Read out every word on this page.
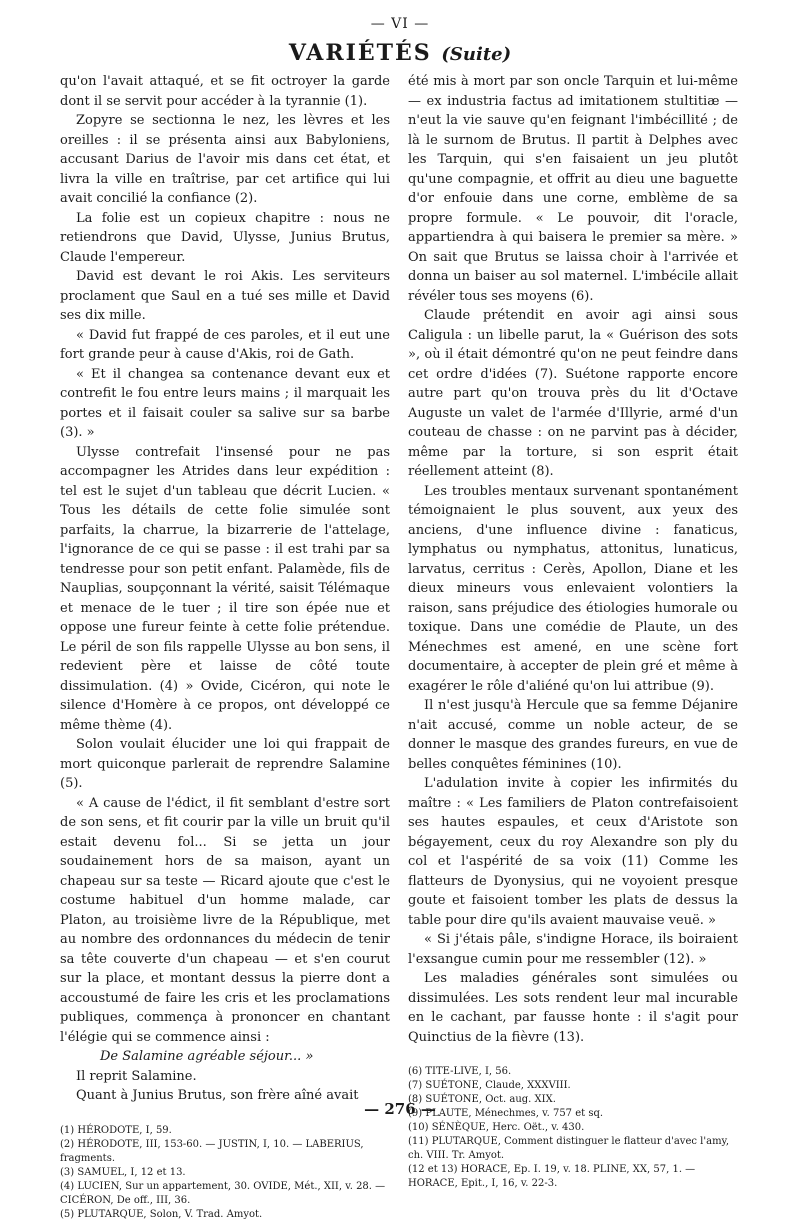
— VI —
VARIÉTÉS (Suite)

qu'on l'avait attaqué, et se fit octroyer la garde dont il se servit pour accéder à la tyrannie (1).

Zopyre se sectionna le nez, les lèvres et les oreilles : il se présenta ainsi aux Babyloniens, accusant Darius de l'avoir mis dans cet état, et livra la ville en traîtrise, par cet artifice qui lui avait concilié la confiance (2).

La folie est un copieux chapitre : nous ne retiendrons que David, Ulysse, Junius Brutus, Claude l'empereur.

David est devant le roi Akis. Les serviteurs proclament que Saul en a tué ses mille et David ses dix mille.

« David fut frappé de ces paroles, et il eut une fort grande peur à cause d'Akis, roi de Gath.

« Et il changea sa contenance devant eux et contrefit le fou entre leurs mains ; il marquait les portes et il faisait couler sa salive sur sa barbe (3). »

Ulysse contrefait l'insensé pour ne pas accompagner les Atrides dans leur expédition : tel est le sujet d'un tableau que décrit Lucien. « Tous les détails de cette folie simulée sont parfaits, la charrue, la bizarrerie de l'attelage, l'ignorance de ce qui se passe : il est trahi par sa tendresse pour son petit enfant. Palamède, fils de Nauplias, soupçonnant la vérité, saisit Télémaque et menace de le tuer ; il tire son épée nue et oppose une fureur feinte à cette folie prétendue. Le péril de son fils rappelle Ulysse au bon sens, il redevient père et laisse de côté toute dissimulation. (4) » Ovide, Cicéron, qui note le silence d'Homère à ce propos, ont développé ce même thème (4).

Solon voulait élucider une loi qui frappait de mort quiconque parlerait de reprendre Salamine (5).

« A cause de l'édict, il fit semblant d'estre sort de son sens, et fit courir par la ville un bruit qu'il estait devenu fol... Si se jetta un jour soudainement hors de sa maison, ayant un chapeau sur sa teste — Ricard ajoute que c'est le costume habituel d'un homme malade, car Platon, au troisième livre de la République, met au nombre des ordonnances du médecin de tenir sa tête couverte d'un chapeau — et s'en courut sur la place, et montant dessus la pierre dont a accoustumé de faire les cris et les proclamations publiques, commença à prononcer en chantant l'élégie qui se commence ainsi :

De Salamine agréable séjour... »

Il reprit Salamine.

Quant à Junius Brutus, son frère aîné avait

(1) HÉRODOTE, I, 59.
(2) HÉRODOTE, III, 153-60. — JUSTIN, I, 10. — LABERIUS, fragments.
(3) SAMUEL, I, 12 et 13.
(4) LUCIEN, Sur un appartement, 30. OVIDE, Mét., XII, v. 28. — CICÉRON, De off., III, 36.
(5) PLUTARQUE, Solon, V. Trad. Amyot.

été mis à mort par son oncle Tarquin et lui-même — ex industria factus ad imitationem stultitiæ — n'eut la vie sauve qu'en feignant l'imbécillité ; de là le surnom de Brutus. Il partit à Delphes avec les Tarquin, qui s'en faisaient un jeu plutôt qu'une compagnie, et offrit au dieu une baguette d'or enfouie dans une corne, emblème de sa propre formule. « Le pouvoir, dit l'oracle, appartiendra à qui baisera le premier sa mère. » On sait que Brutus se laissa choir à l'arrivée et donna un baiser au sol maternel. L'imbécile allait révéler tous ses moyens (6).

Claude prétendit en avoir agi ainsi sous Caligula : un libelle parut, la « Guérison des sots », où il était démontré qu'on ne peut feindre dans cet ordre d'idées (7). Suétone rapporte encore autre part qu'on trouva près du lit d'Octave Auguste un valet de l'armée d'Illyrie, armé d'un couteau de chasse : on ne parvint pas à décider, même par la torture, si son esprit était réellement atteint (8).

Les troubles mentaux survenant spontanément témoignaient le plus souvent, aux yeux des anciens, d'une influence divine : fanaticus, lymphatus ou nymphatus, attonitus, lunaticus, larvatus, cerritus : Cerès, Apollon, Diane et les dieux mineurs vous enlevaient volontiers la raison, sans préjudice des étiologies humorale ou toxique. Dans une comédie de Plaute, un des Ménechmes est amené, en une scène fort documentaire, à accepter de plein gré et même à exagérer le rôle d'aliéné qu'on lui attribue (9).

Il n'est jusqu'à Hercule que sa femme Déjanire n'ait accusé, comme un noble acteur, de se donner le masque des grandes fureurs, en vue de belles conquêtes féminines (10).

L'adulation invite à copier les infirmités du maître : « Les familiers de Platon contrefaisoient ses hautes espaules, et ceux d'Aristote son bégayement, ceux du roy Alexandre son ply du col et l'aspérité de sa voix (11) Comme les flatteurs de Dyonysius, qui ne voyoient presque goute et faisoient tomber les plats de dessus la table pour dire qu'ils avaient mauvaise veuë. »

« Si j'étais pâle, s'indigne Horace, ils boiraient l'exsangue cumin pour me ressembler (12). »

Les maladies générales sont simulées ou dissimulées. Les sots rendent leur mal incurable en le cachant, par fausse honte : il s'agit pour Quinctius de la fièvre (13).

(6) TITE-LIVE, I, 56.
(7) SUÉTONE, Claude, XXXVIII.
(8) SUÉTONE, Oct. aug. XIX.
(9) PLAUTE, Ménechmes, v. 757 et sq.
(10) SÉNÈQUE, Herc. Oët., v. 430.
(11) PLUTARQUE, Comment distinguer le flatteur d'avec l'amy, ch. VIII. Tr. Amyot.
(12 et 13) HORACE, Ep. I. 19, v. 18. PLINE, XX, 57, 1. — HORACE, Epit., I, 16, v. 22-3.
— 276 —
